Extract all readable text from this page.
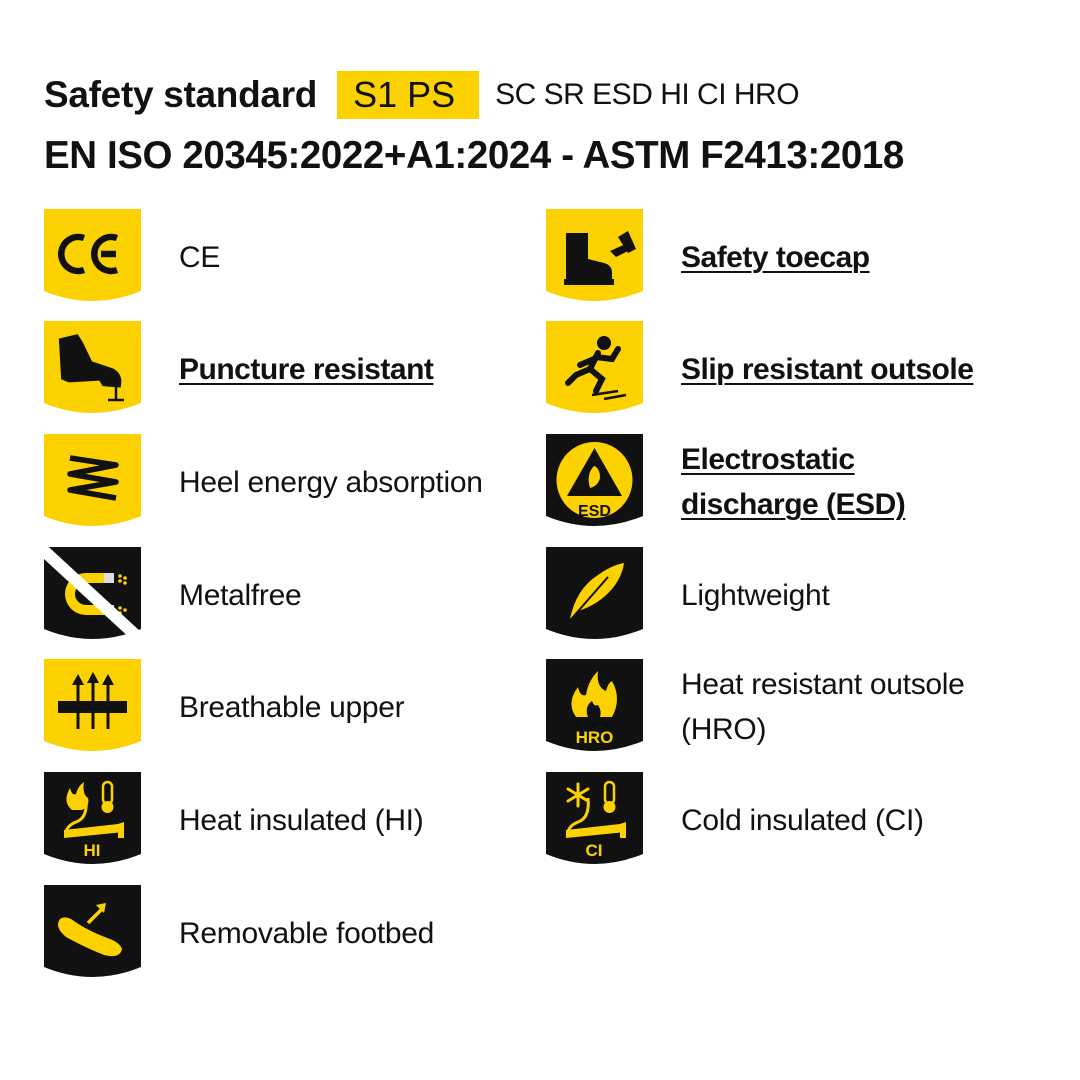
Safety standard	S1 PS	SC SR ESD HI CI HRO
EN ISO 20345:2022+A1:2024 - ASTM F2413:2018
CE
Puncture resistant
Heel energy absorption
Metalfree
Breathable upper
HI
Heat insulated (HI)
Removable footbed
Safety toecap
Slip resistant outsole
ESD
Electrostatic
discharge (ESD)
Lightweight
HRO
Heat resistant outsole
(HRO)
CI
Cold insulated (CI)
